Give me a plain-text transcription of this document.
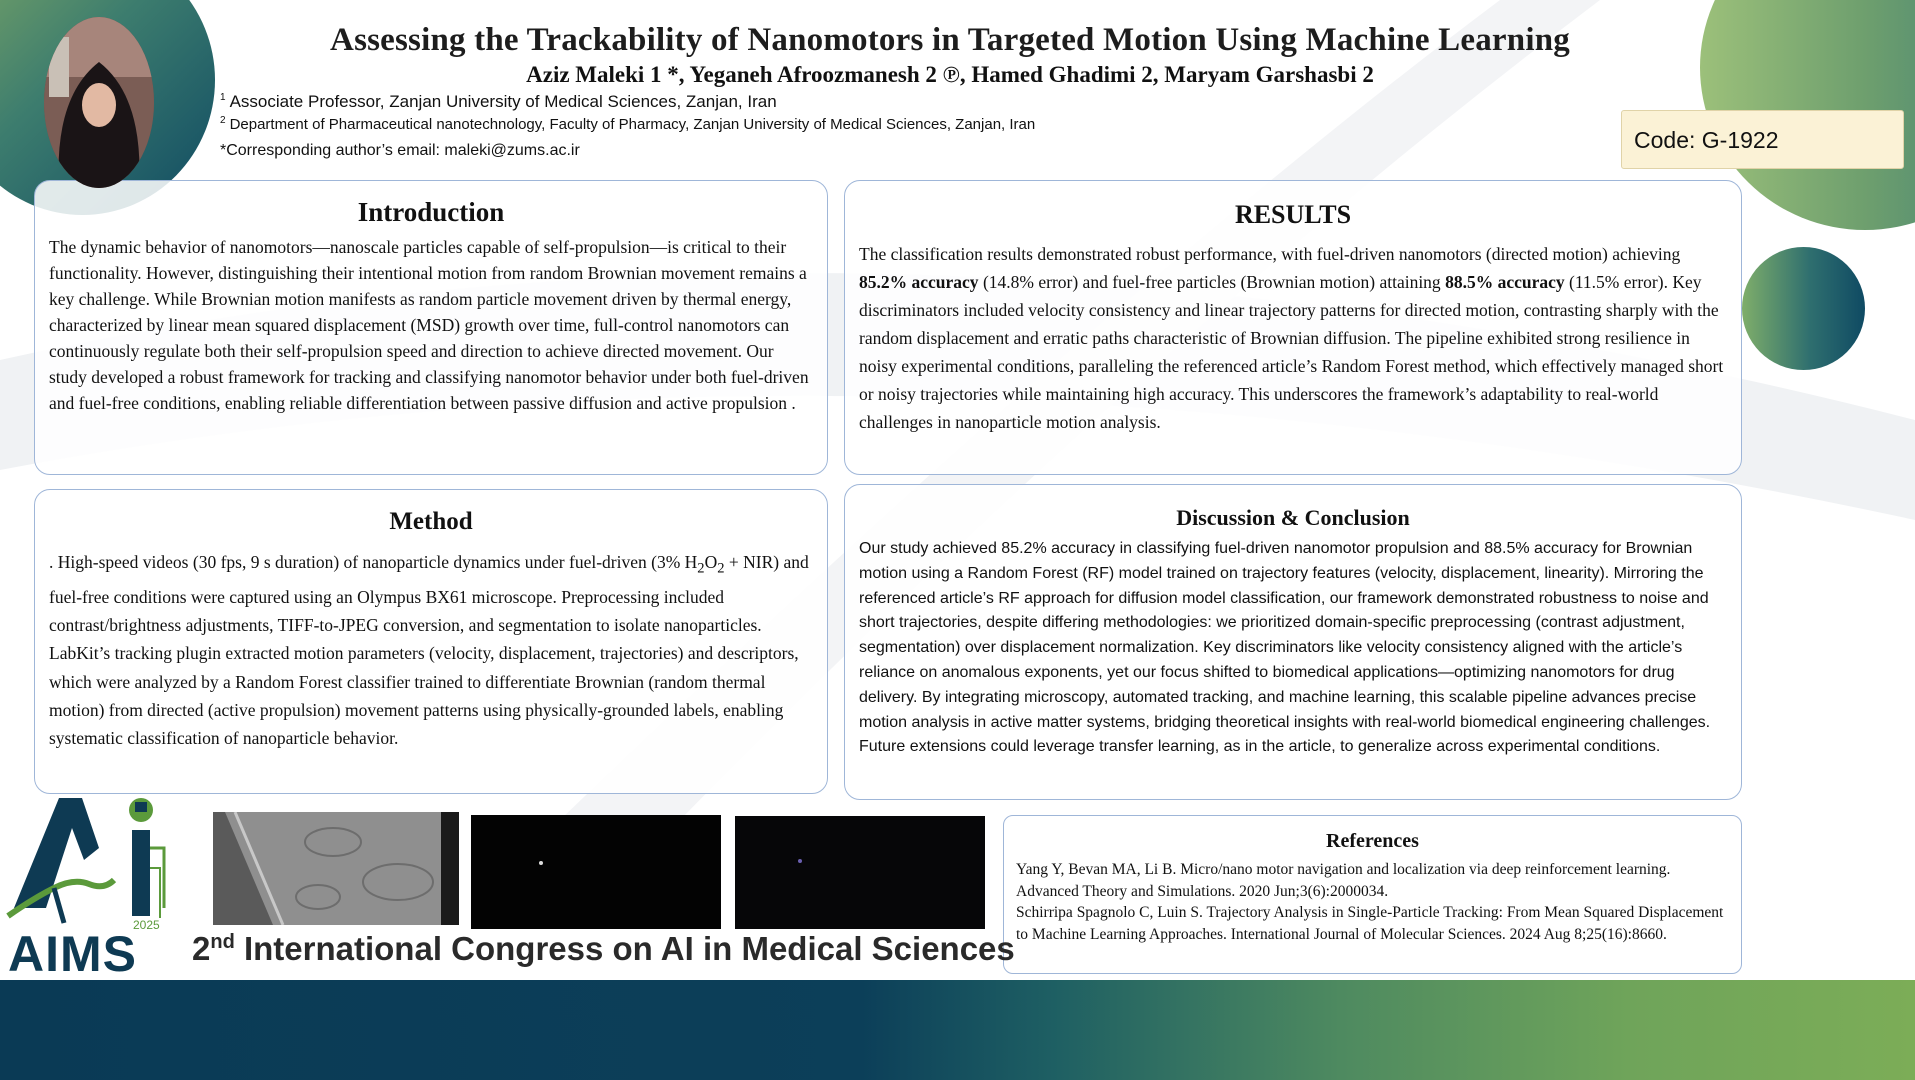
Assessing the Trackability of Nanomotors in Targeted Motion Using Machine Learning

Aziz Maleki 1 *, Yeganeh Afroozmanesh 2 ℗, Hamed Ghadimi 2, Maryam Garshasbi 2

$^1$ Associate Professor, Zanjan University of Medical Sciences, Zanjan, Iran

$^2$ Department of Pharmaceutical nanotechnology, Faculty of Pharmacy, Zanjan University of Medical Sciences, Zanjan, Iran

*Corresponding author’s email: maleki@zums.ac.ir	Code: G-1922
Introduction

The dynamic behavior of nanomotors—nanoscale particles capable of self-propulsion—is critical to their functionality. However, distinguishing their intentional motion from random Brownian movement remains a key challenge. While Brownian motion manifests as random particle movement driven by thermal energy, characterized by linear mean squared displacement (MSD) growth over time, full-control nanomotors can continuously regulate both their self-propulsion speed and direction to achieve directed movement. Our study developed a robust framework for tracking and classifying nanomotor behavior under both fuel-driven and fuel-free conditions, enabling reliable differentiation between passive diffusion and active propulsion .

RESULTS

The classification results demonstrated robust performance, with fuel-driven nanomotors (directed motion) achieving 85.2% accuracy (14.8% error) and fuel-free particles (Brownian motion) attaining 88.5% accuracy (11.5% error). Key discriminators included velocity consistency and linear trajectory patterns for directed motion, contrasting sharply with the random displacement and erratic paths characteristic of Brownian diffusion. The pipeline exhibited strong resilience in noisy experimental conditions, paralleling the referenced article’s Random Forest method, which effectively managed short or noisy trajectories while maintaining high accuracy. This underscores the framework’s adaptability to real-world challenges in nanoparticle motion analysis.

Method

. High-speed videos (30 fps, 9 s duration) of nanoparticle dynamics under fuel-driven (3% $H_2O_2 + NIR$) and fuel-free conditions were captured using an Olympus BX61 microscope. Preprocessing included contrast/brightness adjustments, TIFF-to-JPEG conversion, and segmentation to isolate nanoparticles. LabKit’s tracking plugin extracted motion parameters (velocity, displacement, trajectories) and descriptors, which were analyzed by a Random Forest classifier trained to differentiate Brownian (random thermal motion) from directed (active propulsion) movement patterns using physically-grounded labels, enabling systematic classification of nanoparticle behavior.

Discussion & Conclusion

Our study achieved 85.2% accuracy in classifying fuel-driven nanomotor propulsion and 88.5% accuracy for Brownian motion using a Random Forest (RF) model trained on trajectory features (velocity, displacement, linearity). Mirroring the referenced article’s RF approach for diffusion model classification, our framework demonstrated robustness to noise and short trajectories, despite differing methodologies: we prioritized domain-specific preprocessing (contrast adjustment, segmentation) over displacement normalization. Key discriminators like velocity consistency aligned with the article’s reliance on anomalous exponents, yet our focus shifted to biomedical applications—optimizing nanomotors for drug delivery. By integrating microscopy, automated tracking, and machine learning, this scalable pipeline advances precise motion analysis in active matter systems, bridging theoretical insights with real-world biomedical engineering challenges. Future extensions could leverage transfer learning, as in the article, to generalize across experimental conditions.

References
Yang Y, Bevan MA, Li B. Micro/nano motor navigation and localization via deep reinforcement learning. Advanced Theory and Simulations. 2020 Jun;3(6):2000034.
Schirripa Spagnolo C, Luin S. Trajectory Analysis in Single-Particle Tracking: From Mean Squared Displacement to Machine Learning Approaches. International Journal of Molecular Sciences. 2024 Aug 8;25(16):8660.
AIMS
2025
2nd International Congress on AI in Medical Sciences
